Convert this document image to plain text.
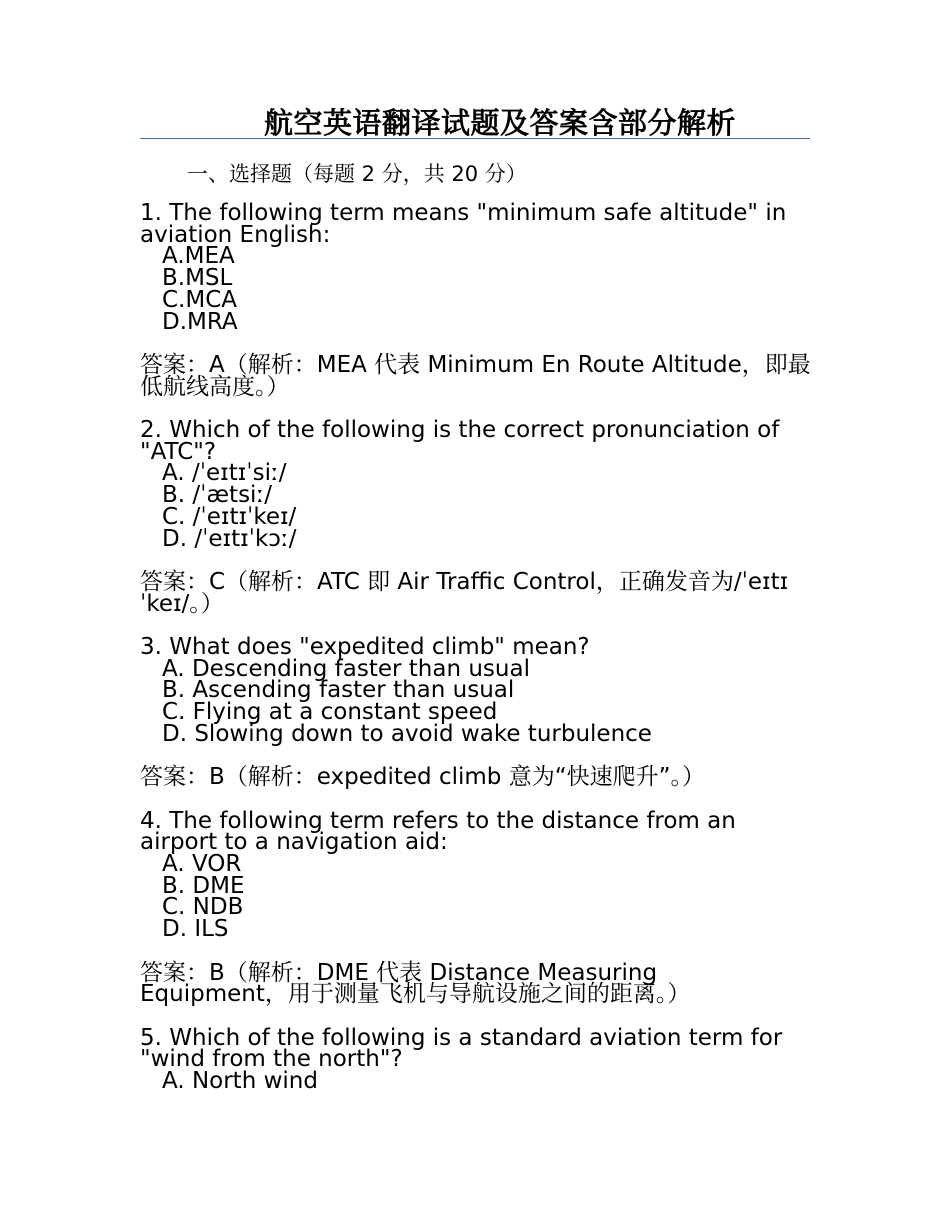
航空英语翻译试题及答案含部分解析
一、选择题（每题 2 分，共 20 分）

1. The following term means "minimum safe altitude" in aviation English:

A.MEA

B.MSL

C.MCA

D.MRA

答案：A（解析：MEA 代表 Minimum En Route Altitude，即最低航线高度。）

2. Which of the following is the correct pronunciation of "ATC"?

A. /ˈeɪtɪˈsiː/

B. /ˈætsiː/

C. /ˈeɪtɪˈkeɪ/

D. /ˈeɪtɪˈkɔː/

答案：C（解析：ATC 即 Air Traffic Control，正确发音为/ˈeɪtɪˈkeɪ/。）

3. What does "expedited climb" mean?

A. Descending faster than usual

B. Ascending faster than usual

C. Flying at a constant speed

D. Slowing down to avoid wake turbulence

答案：B（解析：expedited climb 意为“快速爬升”。）

4. The following term refers to the distance from an airport to a navigation aid:

A. VOR

B. DME

C. NDB

D. ILS

答案：B（解析：DME 代表 Distance Measuring Equipment，用于测量飞机与导航设施之间的距离。）

5. Which of the following is a standard aviation term for "wind from the north"?

A. North wind
